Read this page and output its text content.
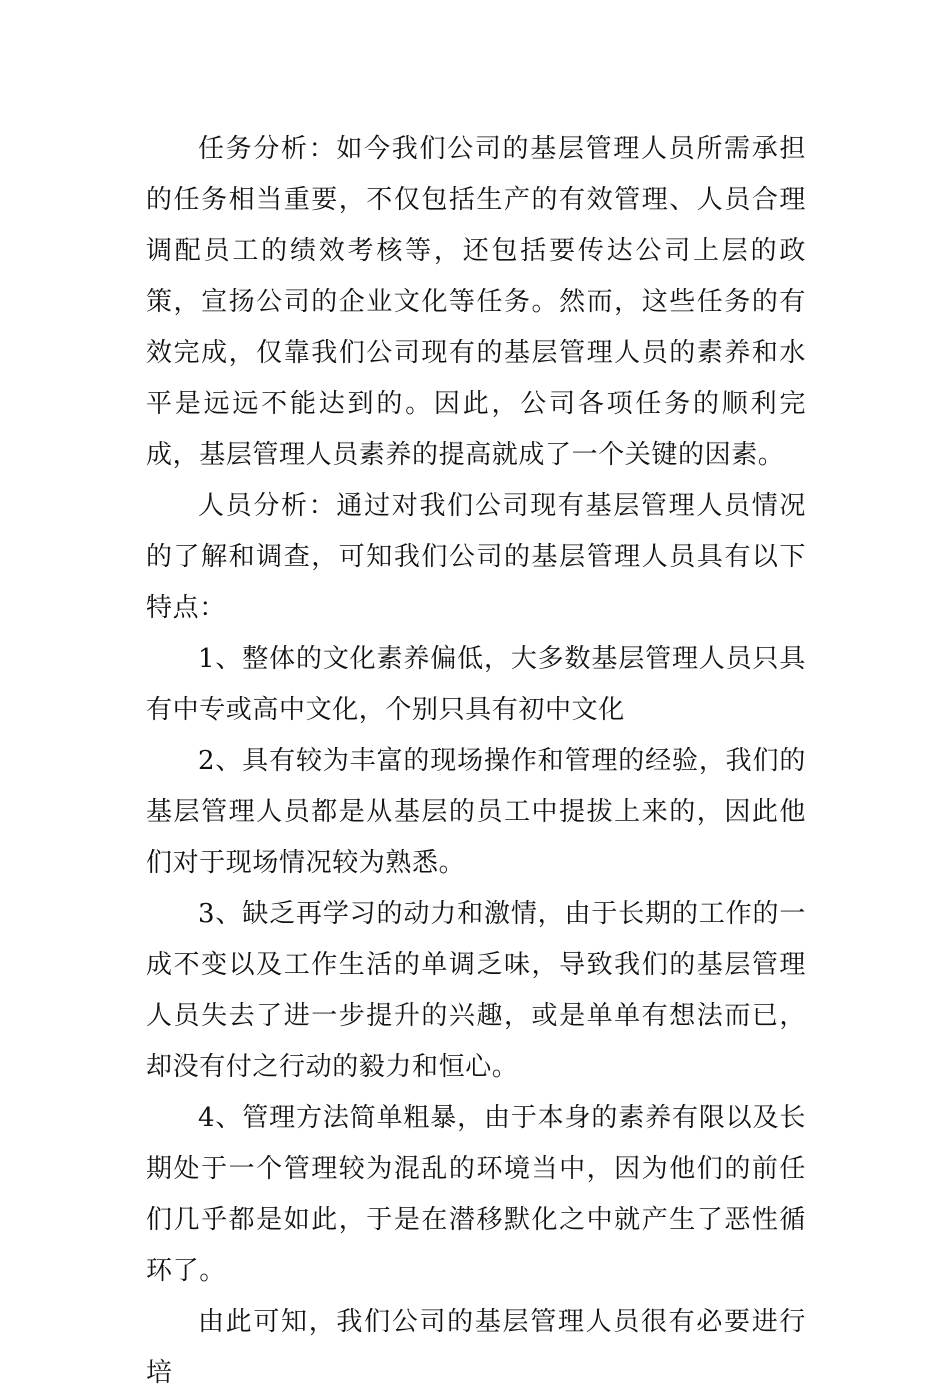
任务分析：如今我们公司的基层管理人员所需承担的任务相当重要，不仅包括生产的有效管理、人员合理调配员工的绩效考核等，还包括要传达公司上层的政策，宣扬公司的企业文化等任务。然而，这些任务的有效完成，仅靠我们公司现有的基层管理人员的素养和水平是远远不能达到的。因此，公司各项任务的顺利完成，基层管理人员素养的提高就成了一个关键的因素。

人员分析：通过对我们公司现有基层管理人员情况的了解和调查，可知我们公司的基层管理人员具有以下特点：

1、整体的文化素养偏低，大多数基层管理人员只具有中专或高中文化，个别只具有初中文化

2、具有较为丰富的现场操作和管理的经验，我们的基层管理人员都是从基层的员工中提拔上来的，因此他们对于现场情况较为熟悉。

3、缺乏再学习的动力和激情，由于长期的工作的一成不变以及工作生活的单调乏味，导致我们的基层管理人员失去了进一步提升的兴趣，或是单单有想法而已，却没有付之行动的毅力和恒心。

4、管理方法简单粗暴，由于本身的素养有限以及长期处于一个管理较为混乱的环境当中，因为他们的前任们几乎都是如此，于是在潜移默化之中就产生了恶性循环了。

由此可知，我们公司的基层管理人员很有必要进行培
